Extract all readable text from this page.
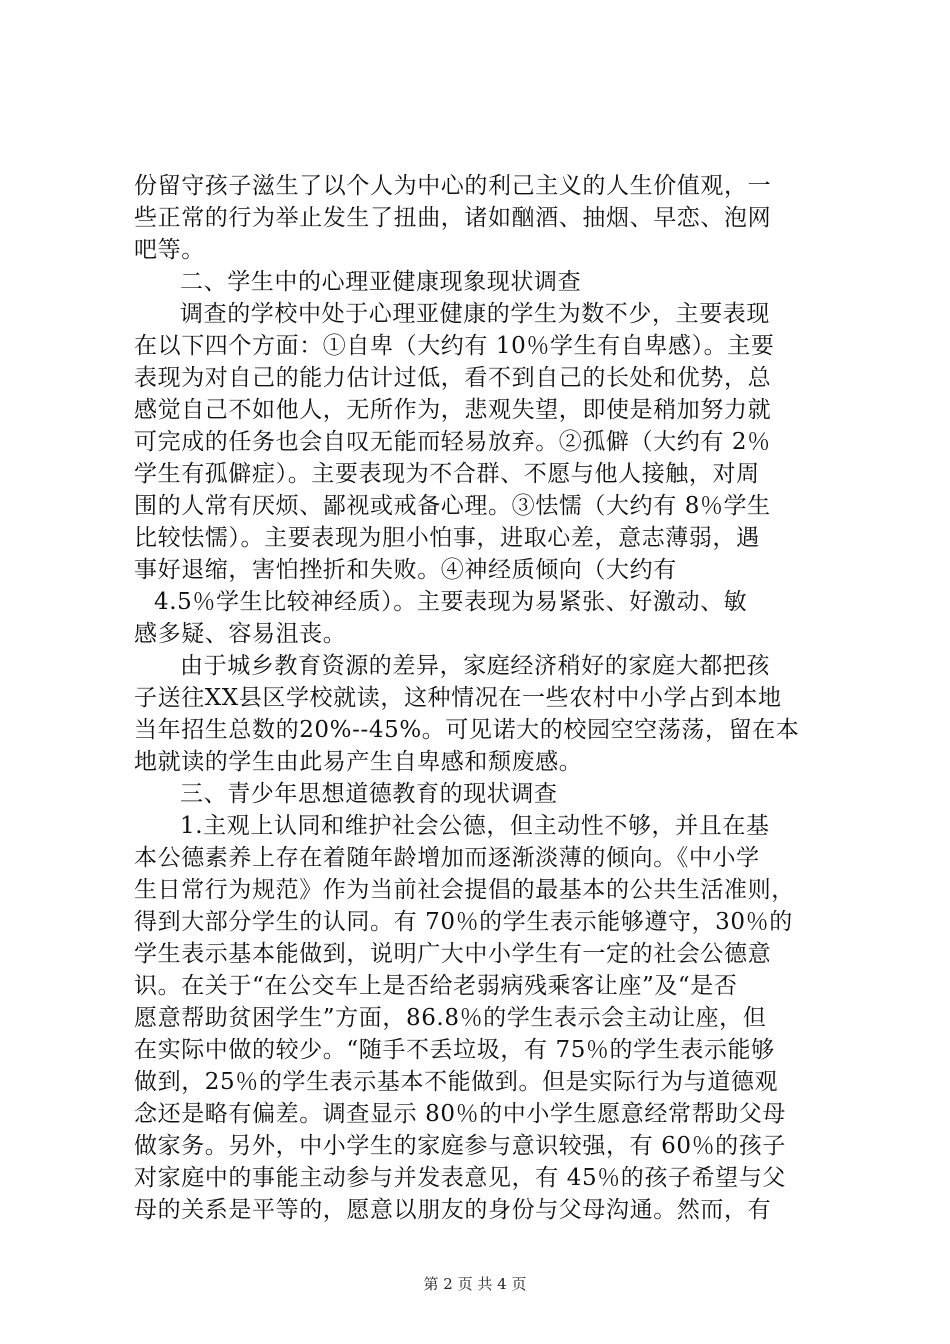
份留守孩子滋生了以个人为中心的利己主义的人生价值观，一
些正常的行为举止发生了扭曲，诸如酗酒、抽烟、早恋、泡网
吧等。
二、学生中的心理亚健康现象现状调查
调查的学校中处于心理亚健康的学生为数不少，主要表现
在以下四个方面：①自卑（大约有 10％学生有自卑感）。主要
表现为对自己的能力估计过低，看不到自己的长处和优势，总
感觉自己不如他人，无所作为，悲观失望，即使是稍加努力就
可完成的任务也会自叹无能而轻易放弃。②孤僻（大约有 2％
学生有孤僻症）。主要表现为不合群、不愿与他人接触，对周
围的人常有厌烦、鄙视或戒备心理。③怯懦（大约有 8％学生
比较怯懦）。主要表现为胆小怕事，进取心差，意志薄弱，遇
事好退缩，害怕挫折和失败。④神经质倾向（大约有
4.5％学生比较神经质）。主要表现为易紧张、好激动、敏
感多疑、容易沮丧。
由于城乡教育资源的差异，家庭经济稍好的家庭大都把孩
子送往XX县区学校就读，这种情况在一些农村中小学占到本地
当年招生总数的20%--45%。可见诺大的校园空空荡荡，留在本
地就读的学生由此易产生自卑感和颓废感。
三、青少年思想道德教育的现状调查
1.主观上认同和维护社会公德，但主动性不够，并且在基
本公德素养上存在着随年龄增加而逐渐淡薄的倾向。《中小学
生日常行为规范》作为当前社会提倡的最基本的公共生活准则，
得到大部分学生的认同。有 70％的学生表示能够遵守，30％的
学生表示基本能做到，说明广大中小学生有一定的社会公德意
识。在关于“在公交车上是否给老弱病残乘客让座”及“是否
愿意帮助贫困学生”方面，86.8％的学生表示会主动让座，但
在实际中做的较少。“随手不丢垃圾，有 75％的学生表示能够
做到，25％的学生表示基本不能做到。但是实际行为与道德观
念还是略有偏差。调查显示 80％的中小学生愿意经常帮助父母
做家务。另外，中小学生的家庭参与意识较强，有 60％的孩子
对家庭中的事能主动参与并发表意见，有 45％的孩子希望与父
母的关系是平等的，愿意以朋友的身份与父母沟通。然而，有
第 2 页 共 4 页
